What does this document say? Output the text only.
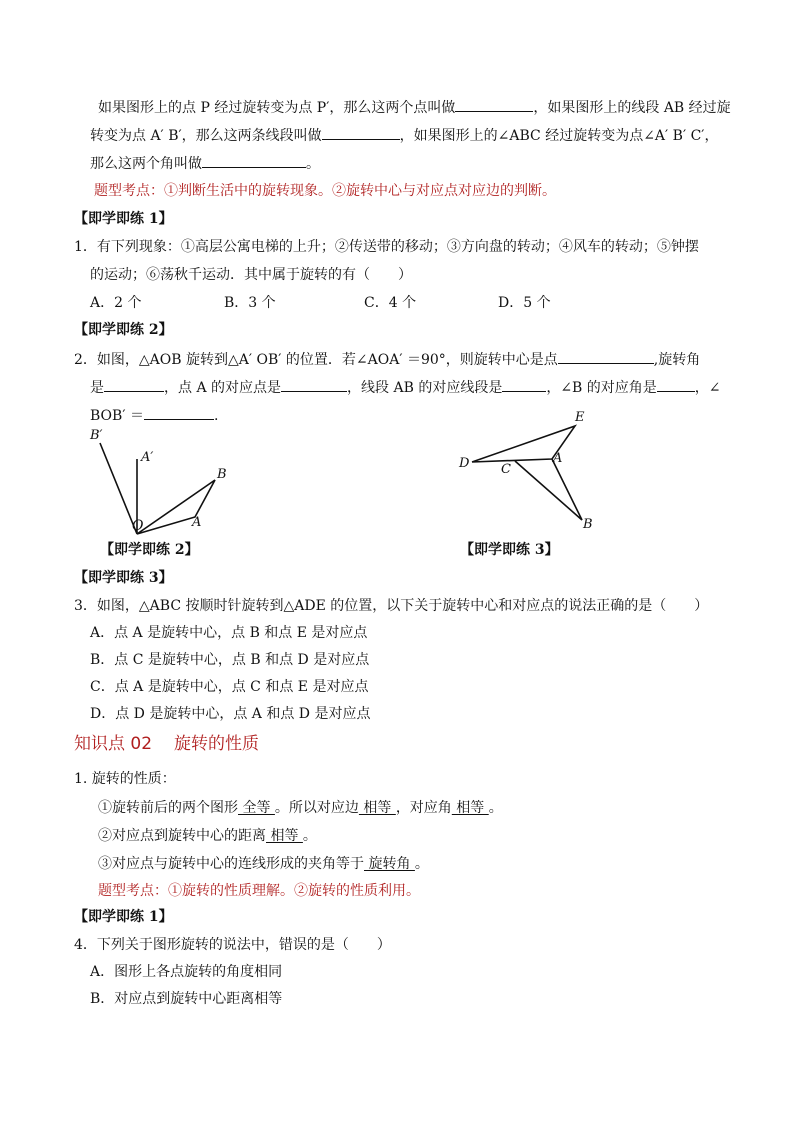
如果图形上的点 P 经过旋转变为点 P′，那么这两个点叫做	，如果图形上的线段 AB 经过旋
转变为点 A′ B′，那么这两条线段叫做	，如果图形上的∠ABC 经过旋转变为点∠A′ B′ C′，
那么这两个角叫做	。
题型考点：①判断生活中的旋转现象。②旋转中心与对应点对应边的判断。
【即学即练 1】
1．有下列现象：①高层公寓电梯的上升；②传送带的移动；③方向盘的转动；④风车的转动；⑤钟摆
的运动；⑥荡秋千运动．其中属于旋转的有（　　）
A．2 个	B．3 个	C．4 个	D．5 个
【即学即练 2】
2．如图，△AOB 旋转到△A′ OB′ 的位置．若∠AOA′ ＝90°，则旋转中心是点	,旋转角
是	，点 A 的对应点是	，线段 AB 的对应线段是	，∠B 的对应角是	，∠
BOB′ ＝	.
B′
A′
B
O	A
【即学即练 2】
E
D C
A
B
【即学即练 3】
【即学即练 3】
3．如图，△ABC 按顺时针旋转到△ADE 的位置，以下关于旋转中心和对应点的说法正确的是（　　）
A．点 A 是旋转中心，点 B 和点 E 是对应点
B．点 C 是旋转中心，点 B 和点 D 是对应点
C．点 A 是旋转中心，点 C 和点 E 是对应点
D．点 D 是旋转中心，点 A 和点 D 是对应点
知识点 02 旋转的性质
1. 旋转的性质：
①旋转前后的两个图形 全等 。所以对应边 相等 ，对应角 相等 。
②对应点到旋转中心的距离 相等 。
③对应点与旋转中心的连线形成的夹角等于 旋转角 。
题型考点：①旋转的性质理解。②旋转的性质利用。
【即学即练 1】
4．下列关于图形旋转的说法中，错误的是（　　）
A．图形上各点旋转的角度相同
B．对应点到旋转中心距离相等
